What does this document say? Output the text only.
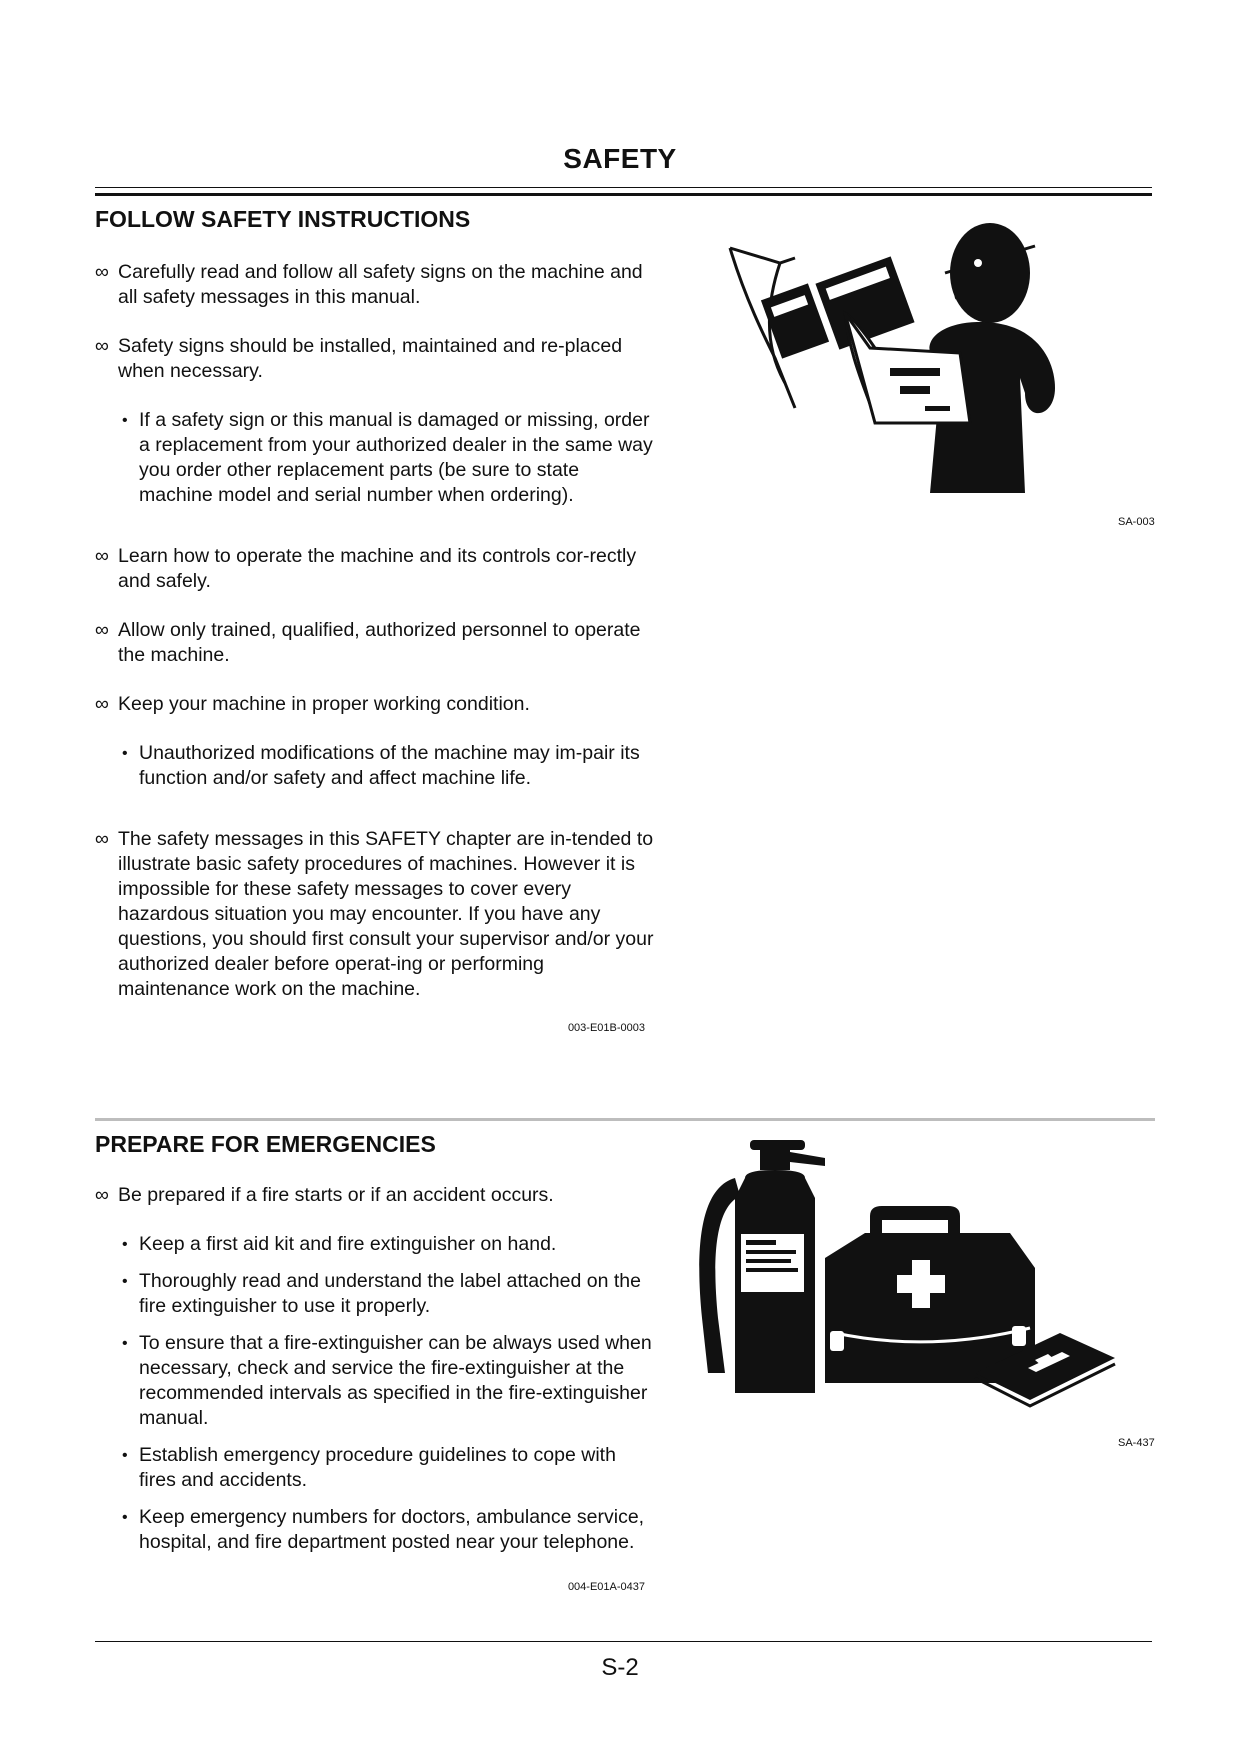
SAFETY
FOLLOW SAFETY INSTRUCTIONS
∞ Carefully read and follow all safety signs on the machine and all safety messages in this manual.
∞ Safety signs should be installed, maintained and re-placed when necessary.
• If a safety sign or this manual is damaged or missing, order a replacement from your authorized dealer in the same way you order other replacement parts (be sure to state machine model and serial number when ordering).
∞ Learn how to operate the machine and its controls cor-rectly and safely.
∞ Allow only trained, qualified, authorized personnel to operate the machine.
∞ Keep your machine in proper working condition.
• Unauthorized modifications of the machine may im-pair its function and/or safety and affect machine life.
∞ The safety messages in this SAFETY chapter are in-tended to illustrate basic safety procedures of machines. However it is impossible for these safety messages to cover every hazardous situation you may encounter. If you have any questions, you should first consult your supervisor and/or your authorized dealer before operat-ing or performing maintenance work on the machine.
003-E01B-0003
SA-003
PREPARE FOR EMERGENCIES
∞ Be prepared if a fire starts or if an accident occurs.
• Keep a first aid kit and fire extinguisher on hand.
• Thoroughly read and understand the label attached on the fire extinguisher to use it properly.
• To ensure that a fire-extinguisher can be always used when necessary, check and service the fire-extinguisher at the recommended intervals as specified in the fire-extinguisher manual.
• Establish emergency procedure guidelines to cope with fires and accidents.
• Keep emergency numbers for doctors, ambulance service, hospital, and fire department posted near your telephone.
004-E01A-0437
SA-437
S-2
